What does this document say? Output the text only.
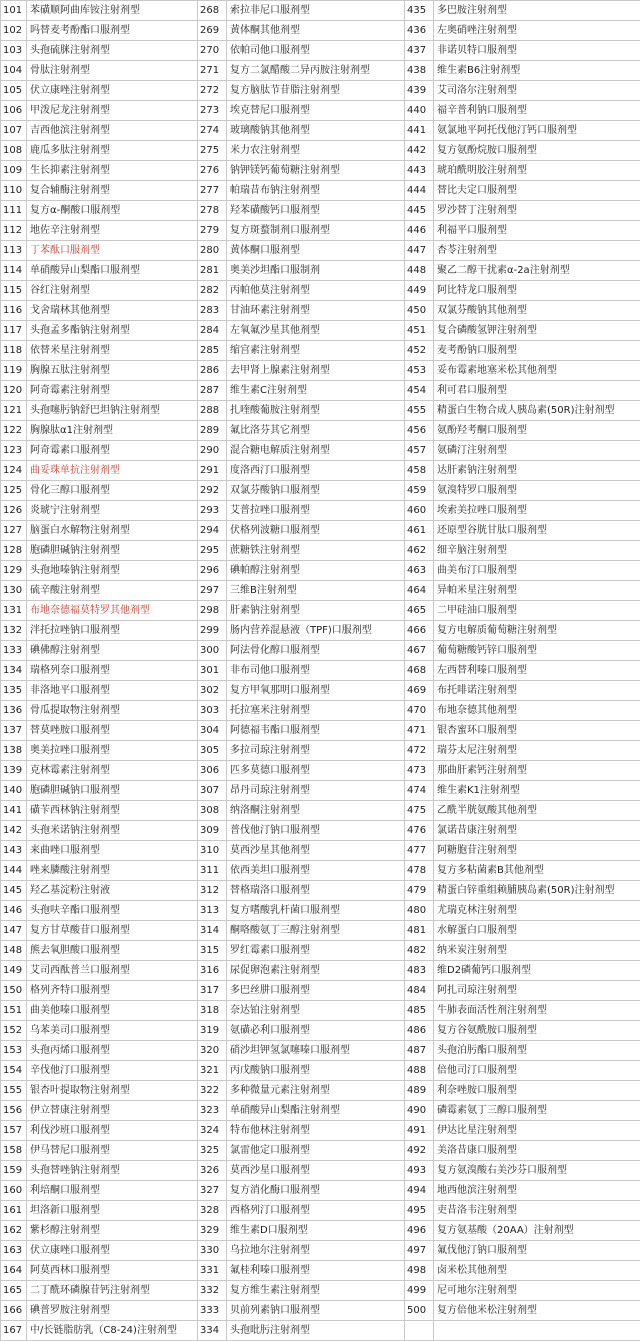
101	苯磺顺阿曲库铵注射剂型	268	索拉非尼口服剂型	435	多巴胺注射剂型
102	吗替麦考酚酯口服剂型	269	黄体酮其他剂型	436	左奥硝唑注射剂型
103	头孢硫脒注射剂型	270	依帕司他口服剂型	437	非诺贝特口服剂型
104	骨肽注射剂型	271	复方二氯醋酸二异丙胺注射剂型	438	维生素B6注射剂型
105	伏立康唑注射剂型	272	复方脑肽节苷脂注射剂型	439	艾司洛尔注射剂型
106	甲泼尼龙注射剂型	273	埃克替尼口服剂型	440	福辛普利钠口服剂型
107	吉西他滨注射剂型	274	玻璃酸钠其他剂型	441	氨氯地平阿托伐他汀钙口服剂型
108	鹿瓜多肽注射剂型	275	米力农注射剂型	442	复方氨酚烷胺口服剂型
109	生长抑素注射剂型	276	钠钾镁钙葡萄糖注射剂型	443	琥珀酰明胶注射剂型
110	复合辅酶注射剂型	277	帕瑞昔布钠注射剂型	444	替比夫定口服剂型
111	复方α-酮酸口服剂型	278	羟苯磺酸钙口服剂型	445	罗沙替丁注射剂型
112	地佐辛注射剂型	279	复方斑蝥制剂口服剂型	446	利福平口服剂型
113	丁苯酞口服剂型	280	黄体酮口服剂型	447	杏苓注射剂型
114	单硝酸异山梨酯口服剂型	281	奥美沙坦酯口服制剂	448	聚乙二醇干扰素α-2a注射剂型
115	谷红注射剂型	282	丙帕他莫注射剂型	449	阿比特龙口服剂型
116	戈舍瑞林其他剂型	283	甘油环素注射剂型	450	双氯芬酸钠其他剂型
117	头孢孟多酯钠注射剂型	284	左氧氟沙星其他剂型	451	复合磷酸氢钾注射剂型
118	依替米星注射剂型	285	缩宫素注射剂型	452	麦考酚钠口服剂型
119	胸腺五肽注射剂型	286	去甲肾上腺素注射剂型	453	妥布霉素地塞米松其他剂型
120	阿奇霉素注射剂型	287	维生素C注射剂型	454	利可君口服剂型
121	头孢噻肟钠舒巴坦钠注射剂型	288	扎喹酸葡胺注射剂型	455	精蛋白生物合成人胰岛素(50R)注射剂型
122	胸腺肽α1注射剂型	289	氟比洛芬其它剂型	456	氨酚羟考酮口服剂型
123	阿奇霉素口服剂型	290	混合糖电解质注射剂型	457	氨磷汀注射剂型
124	曲妥珠单抗注射剂型	291	度洛西汀口服剂型	458	达肝素钠注射剂型
125	骨化三醇口服剂型	292	双氯芬酸钠口服剂型	459	氨溴特罗口服剂型
126	炎琥宁注射剂型	293	艾普拉唑口服剂型	460	埃索美拉唑口服剂型
127	脑蛋白水解物注射剂型	294	伏格列波糖口服剂型	461	还原型谷胱甘肽口服剂型
128	胞磷胆碱钠注射剂型	295	蔗糖铁注射剂型	462	细辛脑注射剂型
129	头孢地嗪钠注射剂型	296	碘帕醇注射剂型	463	曲美布汀口服剂型
130	硫辛酸注射剂型	297	三维B注射剂型	464	异帕米星注射剂型
131	布地奈德福莫特罗其他剂型	298	肝素钠注射剂型	465	二甲硅油口服剂型
132	泮托拉唑钠口服剂型	299	肠内营养混悬液（TPF)口服剂型	466	复方电解质葡萄糖注射剂型
133	碘佛醇注射剂型	300	阿法骨化醇口服剂型	467	葡萄糖酸钙锌口服剂型
134	瑞格列奈口服剂型	301	非布司他口服剂型	468	左西替利嗪口服剂型
135	非洛地平口服剂型	302	复方甲氧那明口服剂型	469	布托啡诺注射剂型
136	骨瓜提取物注射剂型	303	托拉塞米注射剂型	470	布地奈德其他剂型
137	替莫唑胺口服剂型	304	阿德福韦酯口服剂型	471	银杏蜜环口服剂型
138	奥美拉唑口服剂型	305	多拉司琼注射剂型	472	瑞芬太尼注射剂型
139	克林霉素注射剂型	306	匹多莫德口服剂型	473	那曲肝素钙注射剂型
140	胞磷胆碱钠口服剂型	307	昂丹司琼注射剂型	474	维生素K1注射剂型
141	磺苄西林钠注射剂型	308	纳洛酮注射剂型	475	乙酰半胱氨酸其他剂型
142	头孢米诺钠注射剂型	309	普伐他汀钠口服剂型	476	氯诺昔康注射剂型
143	来曲唑口服剂型	310	莫西沙星其他剂型	477	阿糖胞苷注射剂型
144	唑来膦酸注射剂型	311	依西美坦口服剂型	478	复方多粘菌素B其他剂型
145	羟乙基淀粉注射液	312	替格瑞洛口服剂型	479	精蛋白锌重组赖脯胰岛素(50R)注射剂型
146	头孢呋辛酯口服剂型	313	复方嗜酸乳杆菌口服剂型	480	尤瑞克林注射剂型
147	复方甘草酸苷口服剂型	314	酮咯酸氨丁三醇注射剂型	481	水解蛋白口服剂型
148	熊去氧胆酸口服剂型	315	罗红霉素口服剂型	482	纳米炭注射剂型
149	艾司西酞普兰口服剂型	316	尿促卵泡素注射剂型	483	维D2磷葡钙口服剂型
150	格列齐特口服剂型	317	多巴丝肼口服剂型	484	阿扎司琼注射剂型
151	曲美他嗪口服剂型	318	奈达铂注射剂型	485	牛肺表面活性剂注射剂型
152	乌苯美司口服剂型	319	氨磺必利口服剂型	486	复方谷氨酰胺口服剂型
153	头孢丙烯口服剂型	320	硝沙坦钾氢氯噻嗪口服剂型	487	头孢泊肟酯口服剂型
154	辛伐他汀口服剂型	321	丙戊酸钠口服剂型	488	倍他司汀口服剂型
155	银杏叶提取物注射剂型	322	多种微量元素注射剂型	489	利奈唑胺口服剂型
156	伊立替康注射剂型	323	单硝酸异山梨酯注射剂型	490	磷霉素氨丁三醇口服剂型
157	利伐沙班口服剂型	324	特布他林注射剂型	491	伊达比星注射剂型
158	伊马替尼口服剂型	325	氯雷他定口服剂型	492	美洛昔康口服剂型
159	头孢替唑钠注射剂型	326	莫西沙星口服剂型	493	复方氨溴酸右美沙芬口服剂型
160	利培酮口服剂型	327	复方消化酶口服剂型	494	地西他滨注射剂型
161	坦洛新口服剂型	328	西格列汀口服剂型	495	吏昔洛韦注射剂型
162	紫杉醇注射剂型	329	维生素D口服剂型	496	复方氨基酸（20AA）注射剂型
163	伏立康唑口服剂型	330	乌拉地尔注射剂型	497	氟伐他汀钠口服剂型
164	阿莫西林口服剂型	331	氟桂利嗪口服剂型	498	卤米松其他剂型
165	二丁酰环磷腺苷钙注射剂型	332	复方维生素注射剂型	499	尼可地尔注射剂型
166	碘普罗胺注射剂型	333	贝前列素钠口服剂型	500	复方倍他米松注射剂型
167	中/长链脂肪乳（C8-24)注射剂型	334	头孢吡肟注射剂型		
